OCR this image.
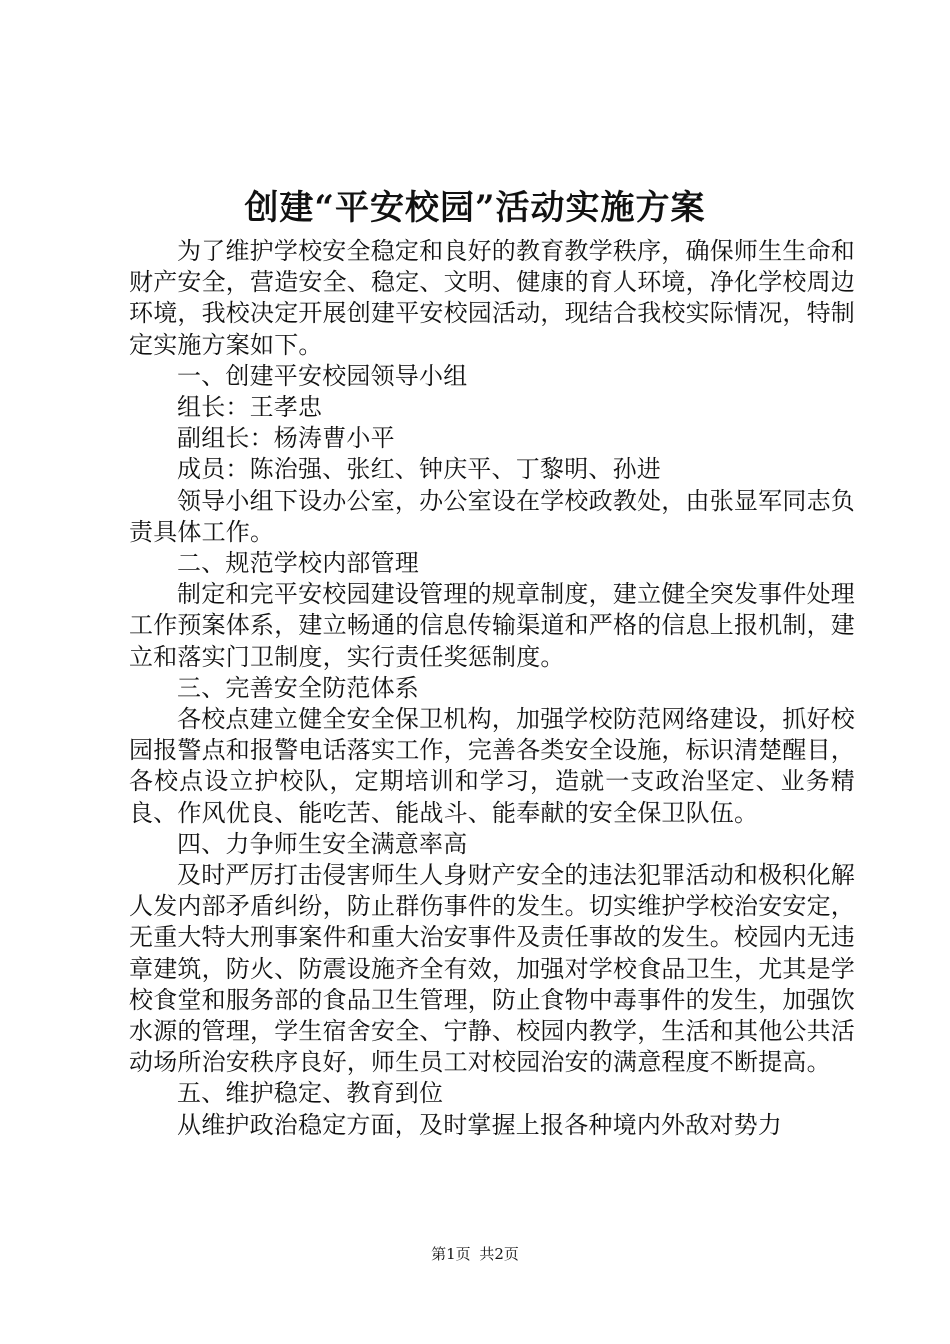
创建“平安校园”活动实施方案

为了维护学校安全稳定和良好的教育教学秩序，确保师生生命和财产安全，营造安全、稳定、文明、健康的育人环境，净化学校周边环境，我校决定开展创建平安校园活动，现结合我校实际情况，特制定实施方案如下。

一、创建平安校园领导小组

组长：王孝忠

副组长：杨涛曹小平

成员：陈治强、张红、钟庆平、丁黎明、孙进

领导小组下设办公室，办公室设在学校政教处，由张显军同志负责具体工作。

二、规范学校内部管理

制定和完平安校园建设管理的规章制度，建立健全突发事件处理工作预案体系，建立畅通的信息传输渠道和严格的信息上报机制，建立和落实门卫制度，实行责任奖惩制度。

三、完善安全防范体系

各校点建立健全安全保卫机构，加强学校防范网络建设，抓好校园报警点和报警电话落实工作，完善各类安全设施，标识清楚醒目，各校点设立护校队，定期培训和学习，造就一支政治坚定、业务精良、作风优良、能吃苦、能战斗、能奉献的安全保卫队伍。

四、力争师生安全满意率高

及时严厉打击侵害师生人身财产安全的违法犯罪活动和极积化解人发内部矛盾纠纷，防止群伤事件的发生。切实维护学校治安安定，无重大特大刑事案件和重大治安事件及责任事故的发生。校园内无违章建筑，防火、防震设施齐全有效，加强对学校食品卫生，尤其是学校食堂和服务部的食品卫生管理，防止食物中毒事件的发生，加强饮水源的管理，学生宿舍安全、宁静、校园内教学，生活和其他公共活动场所治安秩序良好，师生员工对校园治安的满意程度不断提高。

五、维护稳定、教育到位

从维护政治稳定方面，及时掌握上报各种境内外敌对势力

第1页 共2页
